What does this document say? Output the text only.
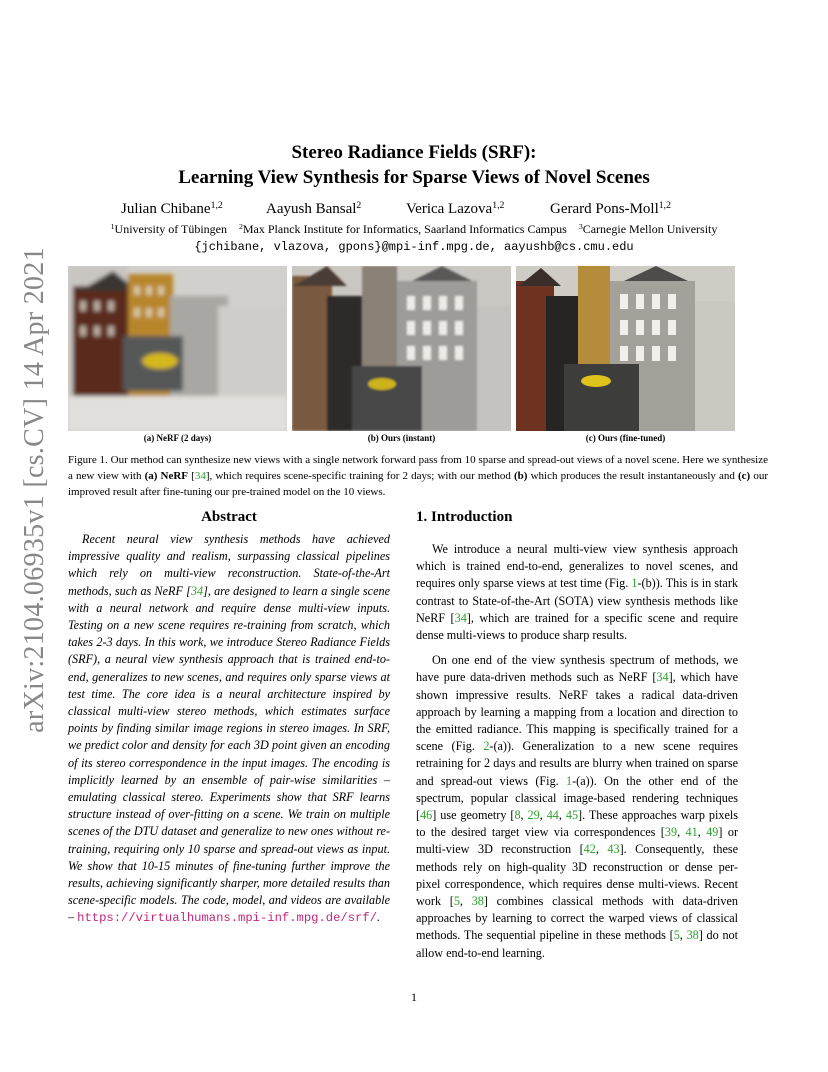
arXiv:2104.06935v1 [cs.CV] 14 Apr 2021
Stereo Radiance Fields (SRF):
Learning View Synthesis for Sparse Views of Novel Scenes
Julian Chibane$^{1,2}$	Aayush Bansal$^2$	Verica Lazova$^{1,2}$	Gerard Pons-Moll$^{1,2}$
$^1$University of Tübingen $^2$Max Planck Institute for Informatics, Saarland Informatics Campus $^3$Carnegie Mellon University
{jchibane, vlazova, gpons}@mpi-inf.mpg.de, aayushb@cs.cmu.edu
(a) NeRF (2 days)	(b) Ours (instant)	(c) Ours (fine-tuned)
Figure 1. Our method can synthesize new views with a single network forward pass from 10 sparse and spread-out views of a novel scene. Here we synthesize a new view with (a) NeRF [34], which requires scene-specific training for 2 days; with our method (b) which produces the result instantaneously and (c) our improved result after fine-tuning our pre-trained model on the 10 views.
Abstract
Recent neural view synthesis methods have achieved impressive quality and realism, surpassing classical pipelines which rely on multi-view reconstruction. State-of-the-Art methods, such as NeRF [34], are designed to learn a single scene with a neural network and require dense multi-view inputs. Testing on a new scene requires re-training from scratch, which takes 2-3 days. In this work, we introduce Stereo Radiance Fields (SRF), a neural view synthesis approach that is trained end-to-end, generalizes to new scenes, and requires only sparse views at test time. The core idea is a neural architecture inspired by classical multi-view stereo methods, which estimates surface points by finding similar image regions in stereo images. In SRF, we predict color and density for each 3D point given an encoding of its stereo correspondence in the input images. The encoding is implicitly learned by an ensemble of pair-wise similarities – emulating classical stereo. Experiments show that SRF learns structure instead of over-fitting on a scene. We train on multiple scenes of the DTU dataset and generalize to new ones without re-training, requiring only 10 sparse and spread-out views as input. We show that 10-15 minutes of fine-tuning further improve the results, achieving significantly sharper, more detailed results than scene-specific models. The code, model, and videos are available – https://virtualhumans.mpi-inf.mpg.de/srf/.
1. Introduction

We introduce a neural multi-view view synthesis approach which is trained end-to-end, generalizes to novel scenes, and requires only sparse views at test time (Fig. 1-(b)). This is in stark contrast to State-of-the-Art (SOTA) view synthesis methods like NeRF [34], which are trained for a specific scene and require dense multi-views to produce sharp results.

On one end of the view synthesis spectrum of methods, we have pure data-driven methods such as NeRF [34], which have shown impressive results. NeRF takes a radical data-driven approach by learning a mapping from a location and direction to the emitted radiance. This mapping is specifically trained for a scene (Fig. 2-(a)). Generalization to a new scene requires retraining for 2 days and results are blurry when trained on sparse and spread-out views (Fig. 1-(a)). On the other end of the spectrum, popular classical image-based rendering techniques [46] use geometry [8, 29, 44, 45]. These approaches warp pixels to the desired target view via correspondences [39, 41, 49] or multi-view 3D reconstruction [42, 43]. Consequently, these methods rely on high-quality 3D reconstruction or dense per-pixel correspondence, which requires dense multi-views. Recent work [5, 38] combines classical methods with data-driven approaches by learning to correct the warped views of classical methods. The sequential pipeline in these methods [5, 38] do not allow end-to-end learning.

1
